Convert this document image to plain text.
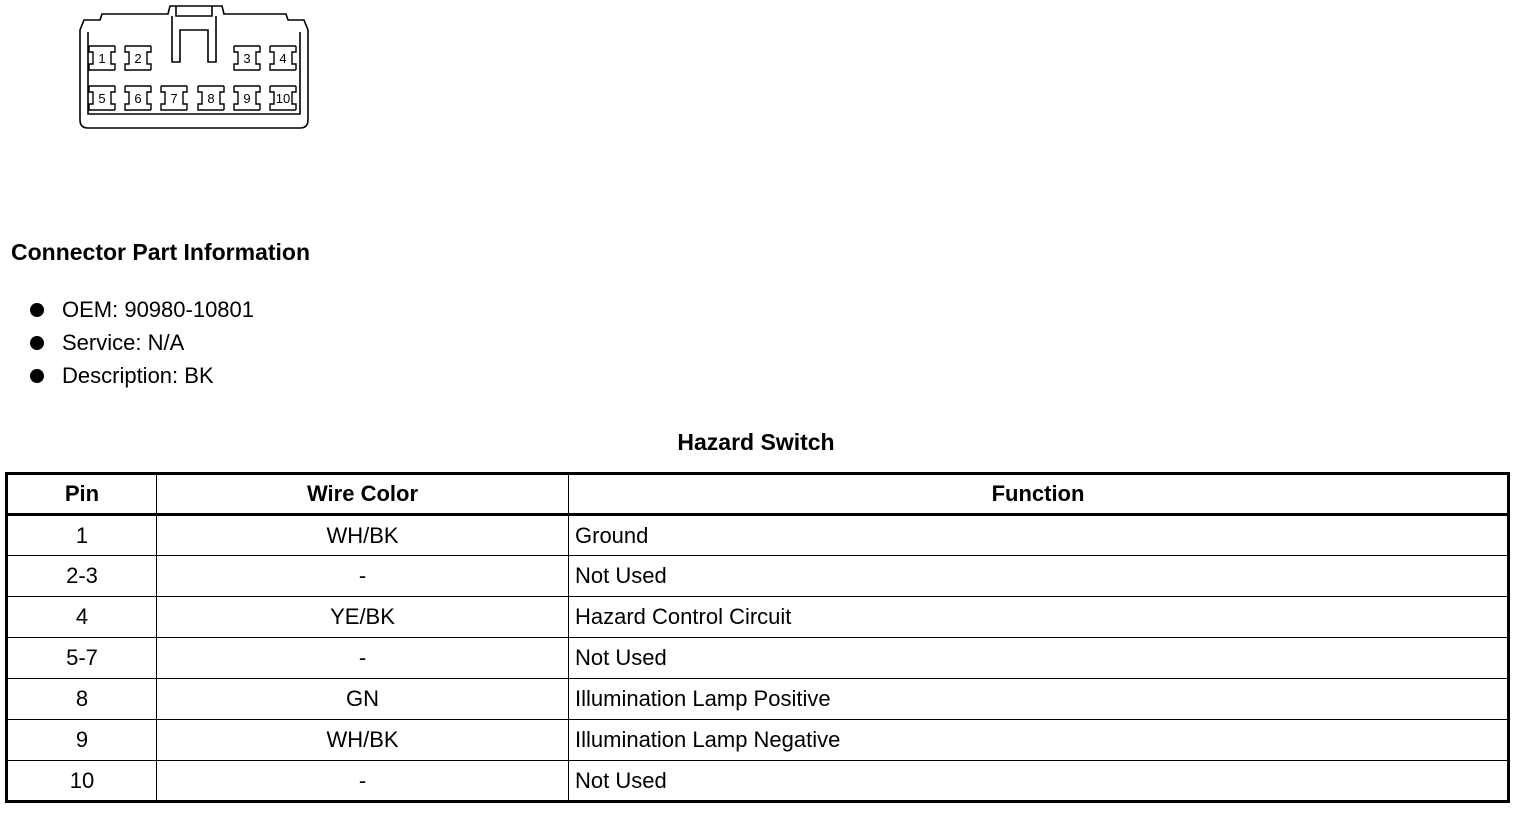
1 2	3 4
5 6 7 8 9 10
Connector Part Information
OEM: 90980-10801
Service: N/A
Description: BK
Hazard Switch
Pin	Wire Color	Function
1	WH/BK	Ground
2-3	-	Not Used
4	YE/BK	Hazard Control Circuit
5-7	-	Not Used
8	GN	Illumination Lamp Positive
9	WH/BK	Illumination Lamp Negative
10	-	Not Used
